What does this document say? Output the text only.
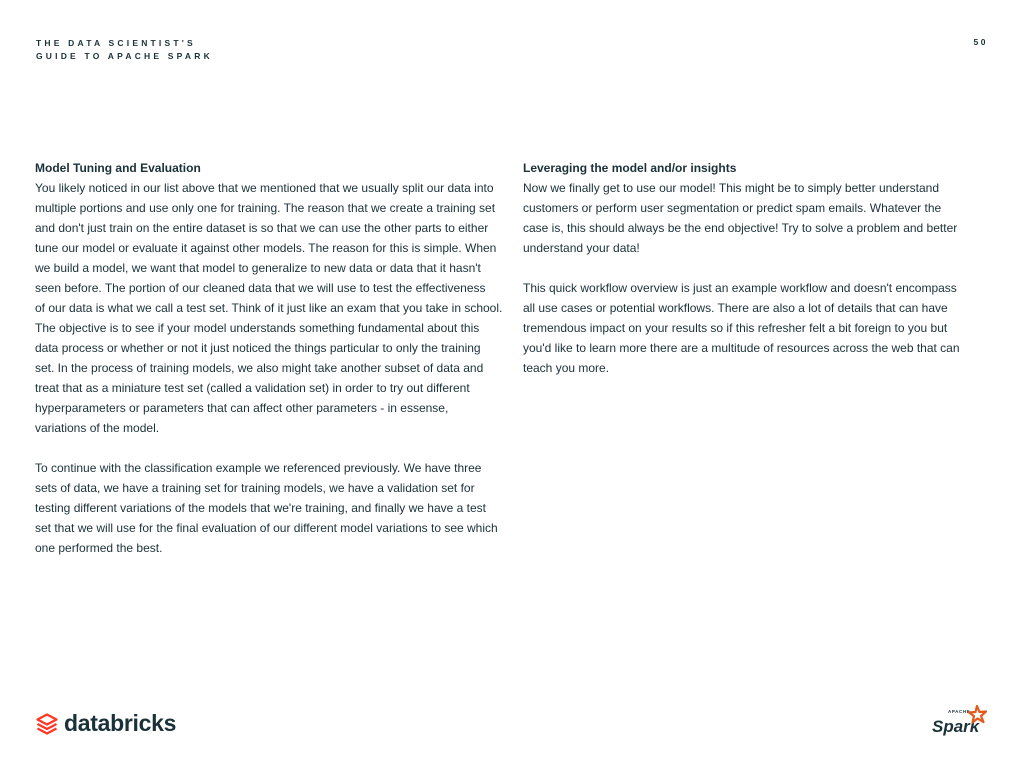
THE DATA SCIENTIST'S
GUIDE TO APACHE SPARK
50
Model Tuning and Evaluation

You likely noticed in our list above that we mentioned that we usually split our data into
multiple portions and use only one for training. The reason that we create a training set
and don't just train on the entire dataset is so that we can use the other parts to either
tune our model or evaluate it against other models. The reason for this is simple. When
we build a model, we want that model to generalize to new data or data that it hasn't
seen before. The portion of our cleaned data that we will use to test the effectiveness
of our data is what we call a test set. Think of it just like an exam that you take in school.
The objective is to see if your model understands something fundamental about this
data process or whether or not it just noticed the things particular to only the training
set. In the process of training models, we also might take another subset of data and
treat that as a miniature test set (called a validation set) in order to try out different
hyperparameters or parameters that can affect other parameters - in essense,
variations of the model.

To continue with the classification example we referenced previously. We have three
sets of data, we have a training set for training models, we have a validation set for
testing different variations of the models that we're training, and finally we have a test
set that we will use for the final evaluation of our different model variations to see which
one performed the best.

Leveraging the model and/or insights

Now we finally get to use our model! This might be to simply better understand
customers or perform user segmentation or predict spam emails. Whatever the
case is, this should always be the end objective! Try to solve a problem and better
understand your data!

This quick workflow overview is just an example workflow and doesn't encompass
all use cases or potential workflows. There are also a lot of details that can have
tremendous impact on your results so if this refresher felt a bit foreign to you but
you'd like to learn more there are a multitude of resources across the web that can
teach you more.

databricks	APACHE
Spark
